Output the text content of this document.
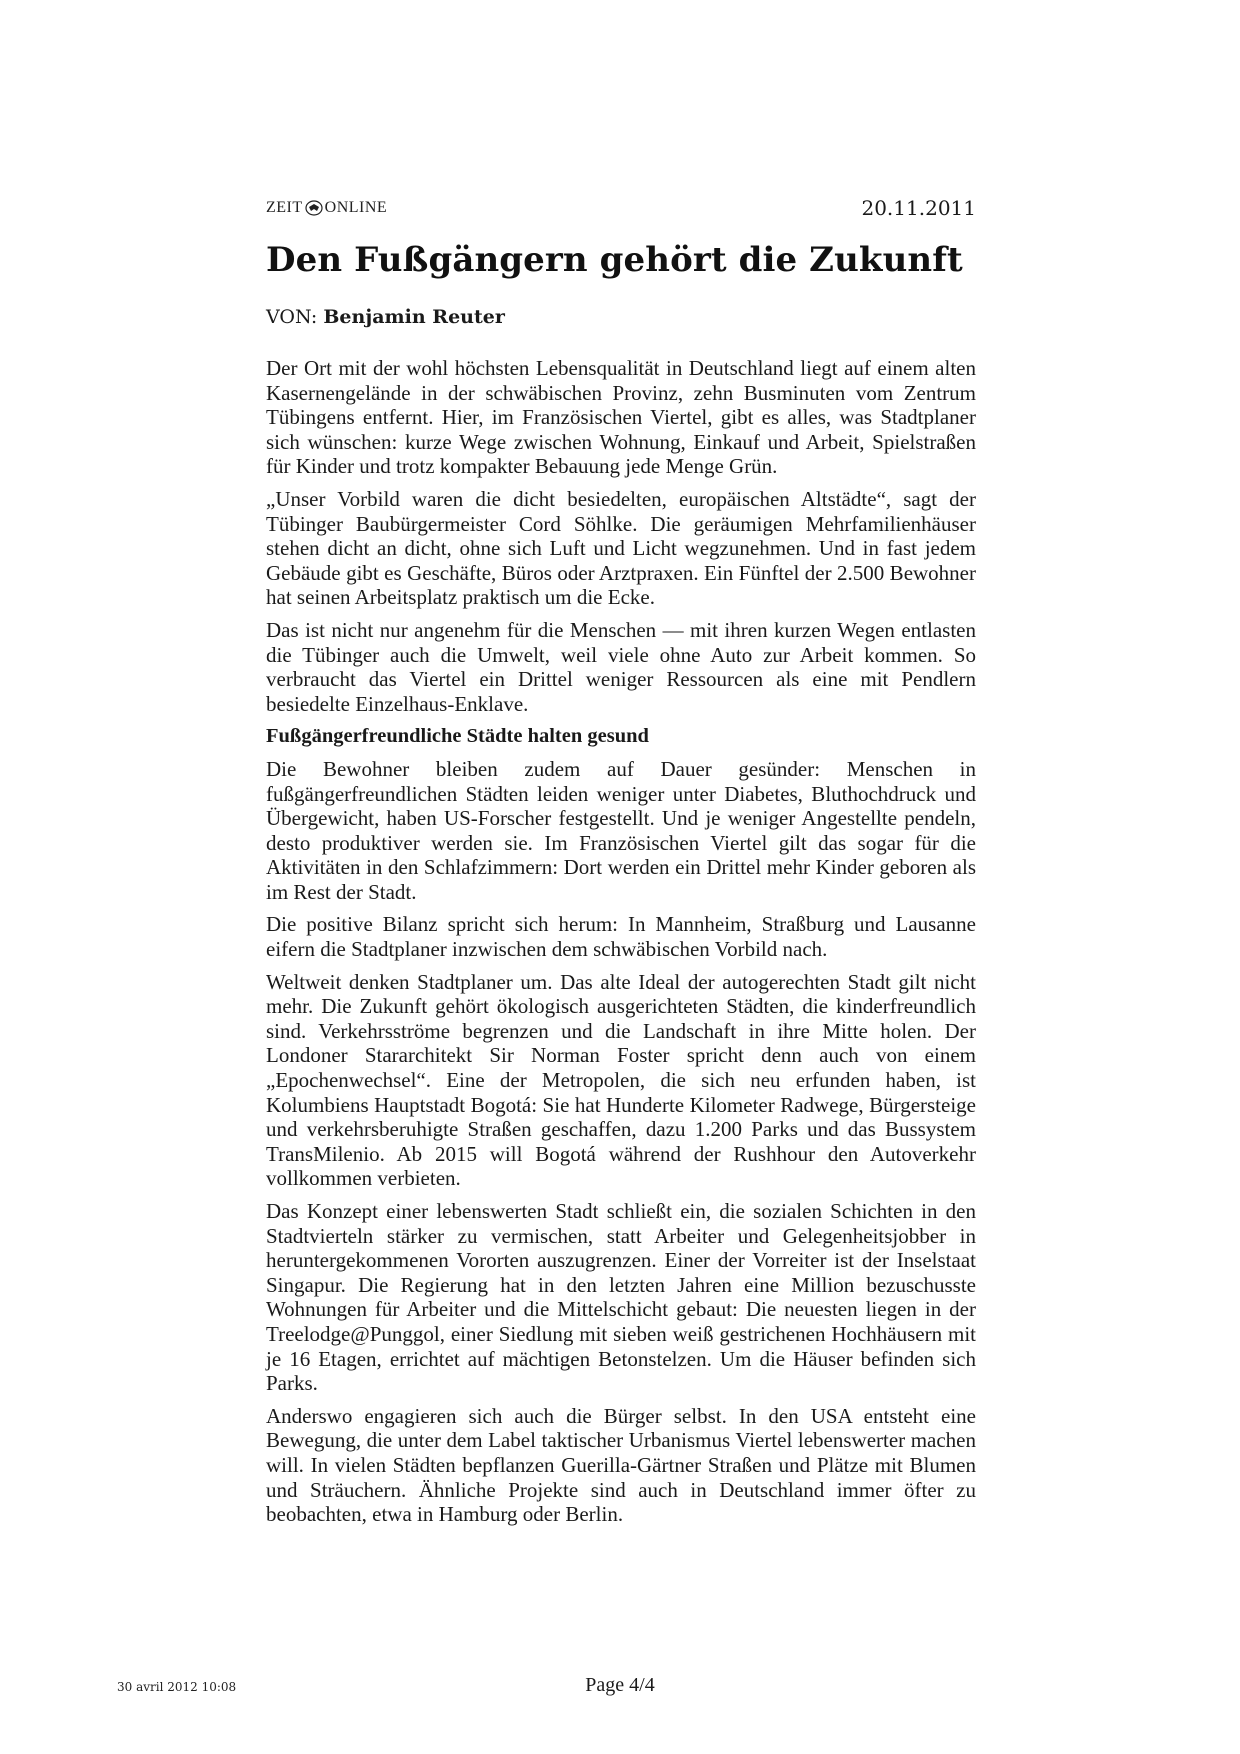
ZEIT ONLINE	20.11.2011
Den Fußgängern gehört die Zukunft
VON: Benjamin Reuter

Der Ort mit der wohl höchsten Lebensqualität in Deutschland liegt auf einem alten Kasernengelände in der schwäbischen Provinz, zehn Busminuten vom Zentrum Tübingens entfernt. Hier, im Französischen Viertel, gibt es alles, was Stadtplaner sich wünschen: kurze Wege zwischen Wohnung, Einkauf und Arbeit, Spielstraßen für Kinder und trotz kompakter Bebauung jede Menge Grün.

„Unser Vorbild waren die dicht besiedelten, europäischen Altstädte“, sagt der Tübinger Baubürgermeister Cord Söhlke. Die geräumigen Mehrfamilienhäuser stehen dicht an dicht, ohne sich Luft und Licht wegzunehmen. Und in fast jedem Gebäude gibt es Geschäfte, Büros oder Arztpraxen. Ein Fünftel der 2.500 Bewohner hat seinen Arbeitsplatz praktisch um die Ecke.

Das ist nicht nur angenehm für die Menschen — mit ihren kurzen Wegen entlasten die Tübinger auch die Umwelt, weil viele ohne Auto zur Arbeit kommen. So verbraucht das Viertel ein Drittel weniger Ressourcen als eine mit Pendlern besiedelte Einzelhaus-Enklave.

Fußgängerfreundliche Städte halten gesund

Die Bewohner bleiben zudem auf Dauer gesünder: Menschen in fußgängerfreundlichen Städten leiden weniger unter Diabetes, Bluthochdruck und Übergewicht, haben US-Forscher festgestellt. Und je weniger Angestellte pendeln, desto produktiver werden sie. Im Französischen Viertel gilt das sogar für die Aktivitäten in den Schlafzimmern: Dort werden ein Drittel mehr Kinder geboren als im Rest der Stadt.

Die positive Bilanz spricht sich herum: In Mannheim, Straßburg und Lausanne eifern die Stadtplaner inzwischen dem schwäbischen Vorbild nach.

Weltweit denken Stadtplaner um. Das alte Ideal der autogerechten Stadt gilt nicht mehr. Die Zukunft gehört ökologisch ausgerichteten Städten, die kinderfreundlich sind. Verkehrsströme begrenzen und die Landschaft in ihre Mitte holen. Der Londoner Stararchitekt Sir Norman Foster spricht denn auch von einem „Epochenwechsel“. Eine der Metropolen, die sich neu erfunden haben, ist Kolumbiens Hauptstadt Bogotá: Sie hat Hunderte Kilometer Radwege, Bürgersteige und verkehrsberuhigte Straßen geschaffen, dazu 1.200 Parks und das Bussystem TransMilenio. Ab 2015 will Bogotá während der Rushhour den Autoverkehr vollkommen verbieten.

Das Konzept einer lebenswerten Stadt schließt ein, die sozialen Schichten in den Stadtvierteln stärker zu vermischen, statt Arbeiter und Gelegenheitsjobber in heruntergekommenen Vororten auszugrenzen. Einer der Vorreiter ist der Inselstaat Singapur. Die Regierung hat in den letzten Jahren eine Million bezuschusste Wohnungen für Arbeiter und die Mittelschicht gebaut: Die neuesten liegen in der Treelodge@Punggol, einer Siedlung mit sieben weiß gestrichenen Hochhäusern mit je 16 Etagen, errichtet auf mächtigen Betonstelzen. Um die Häuser befinden sich Parks.

Anderswo engagieren sich auch die Bürger selbst. In den USA entsteht eine Bewegung, die unter dem Label taktischer Urbanismus Viertel lebenswerter machen will. In vielen Städten bepflanzen Guerilla-Gärtner Straßen und Plätze mit Blumen und Sträuchern. Ähnliche Projekte sind auch in Deutschland immer öfter zu beobachten, etwa in Hamburg oder Berlin.

30 avril 2012 10:08	Page 4/4
